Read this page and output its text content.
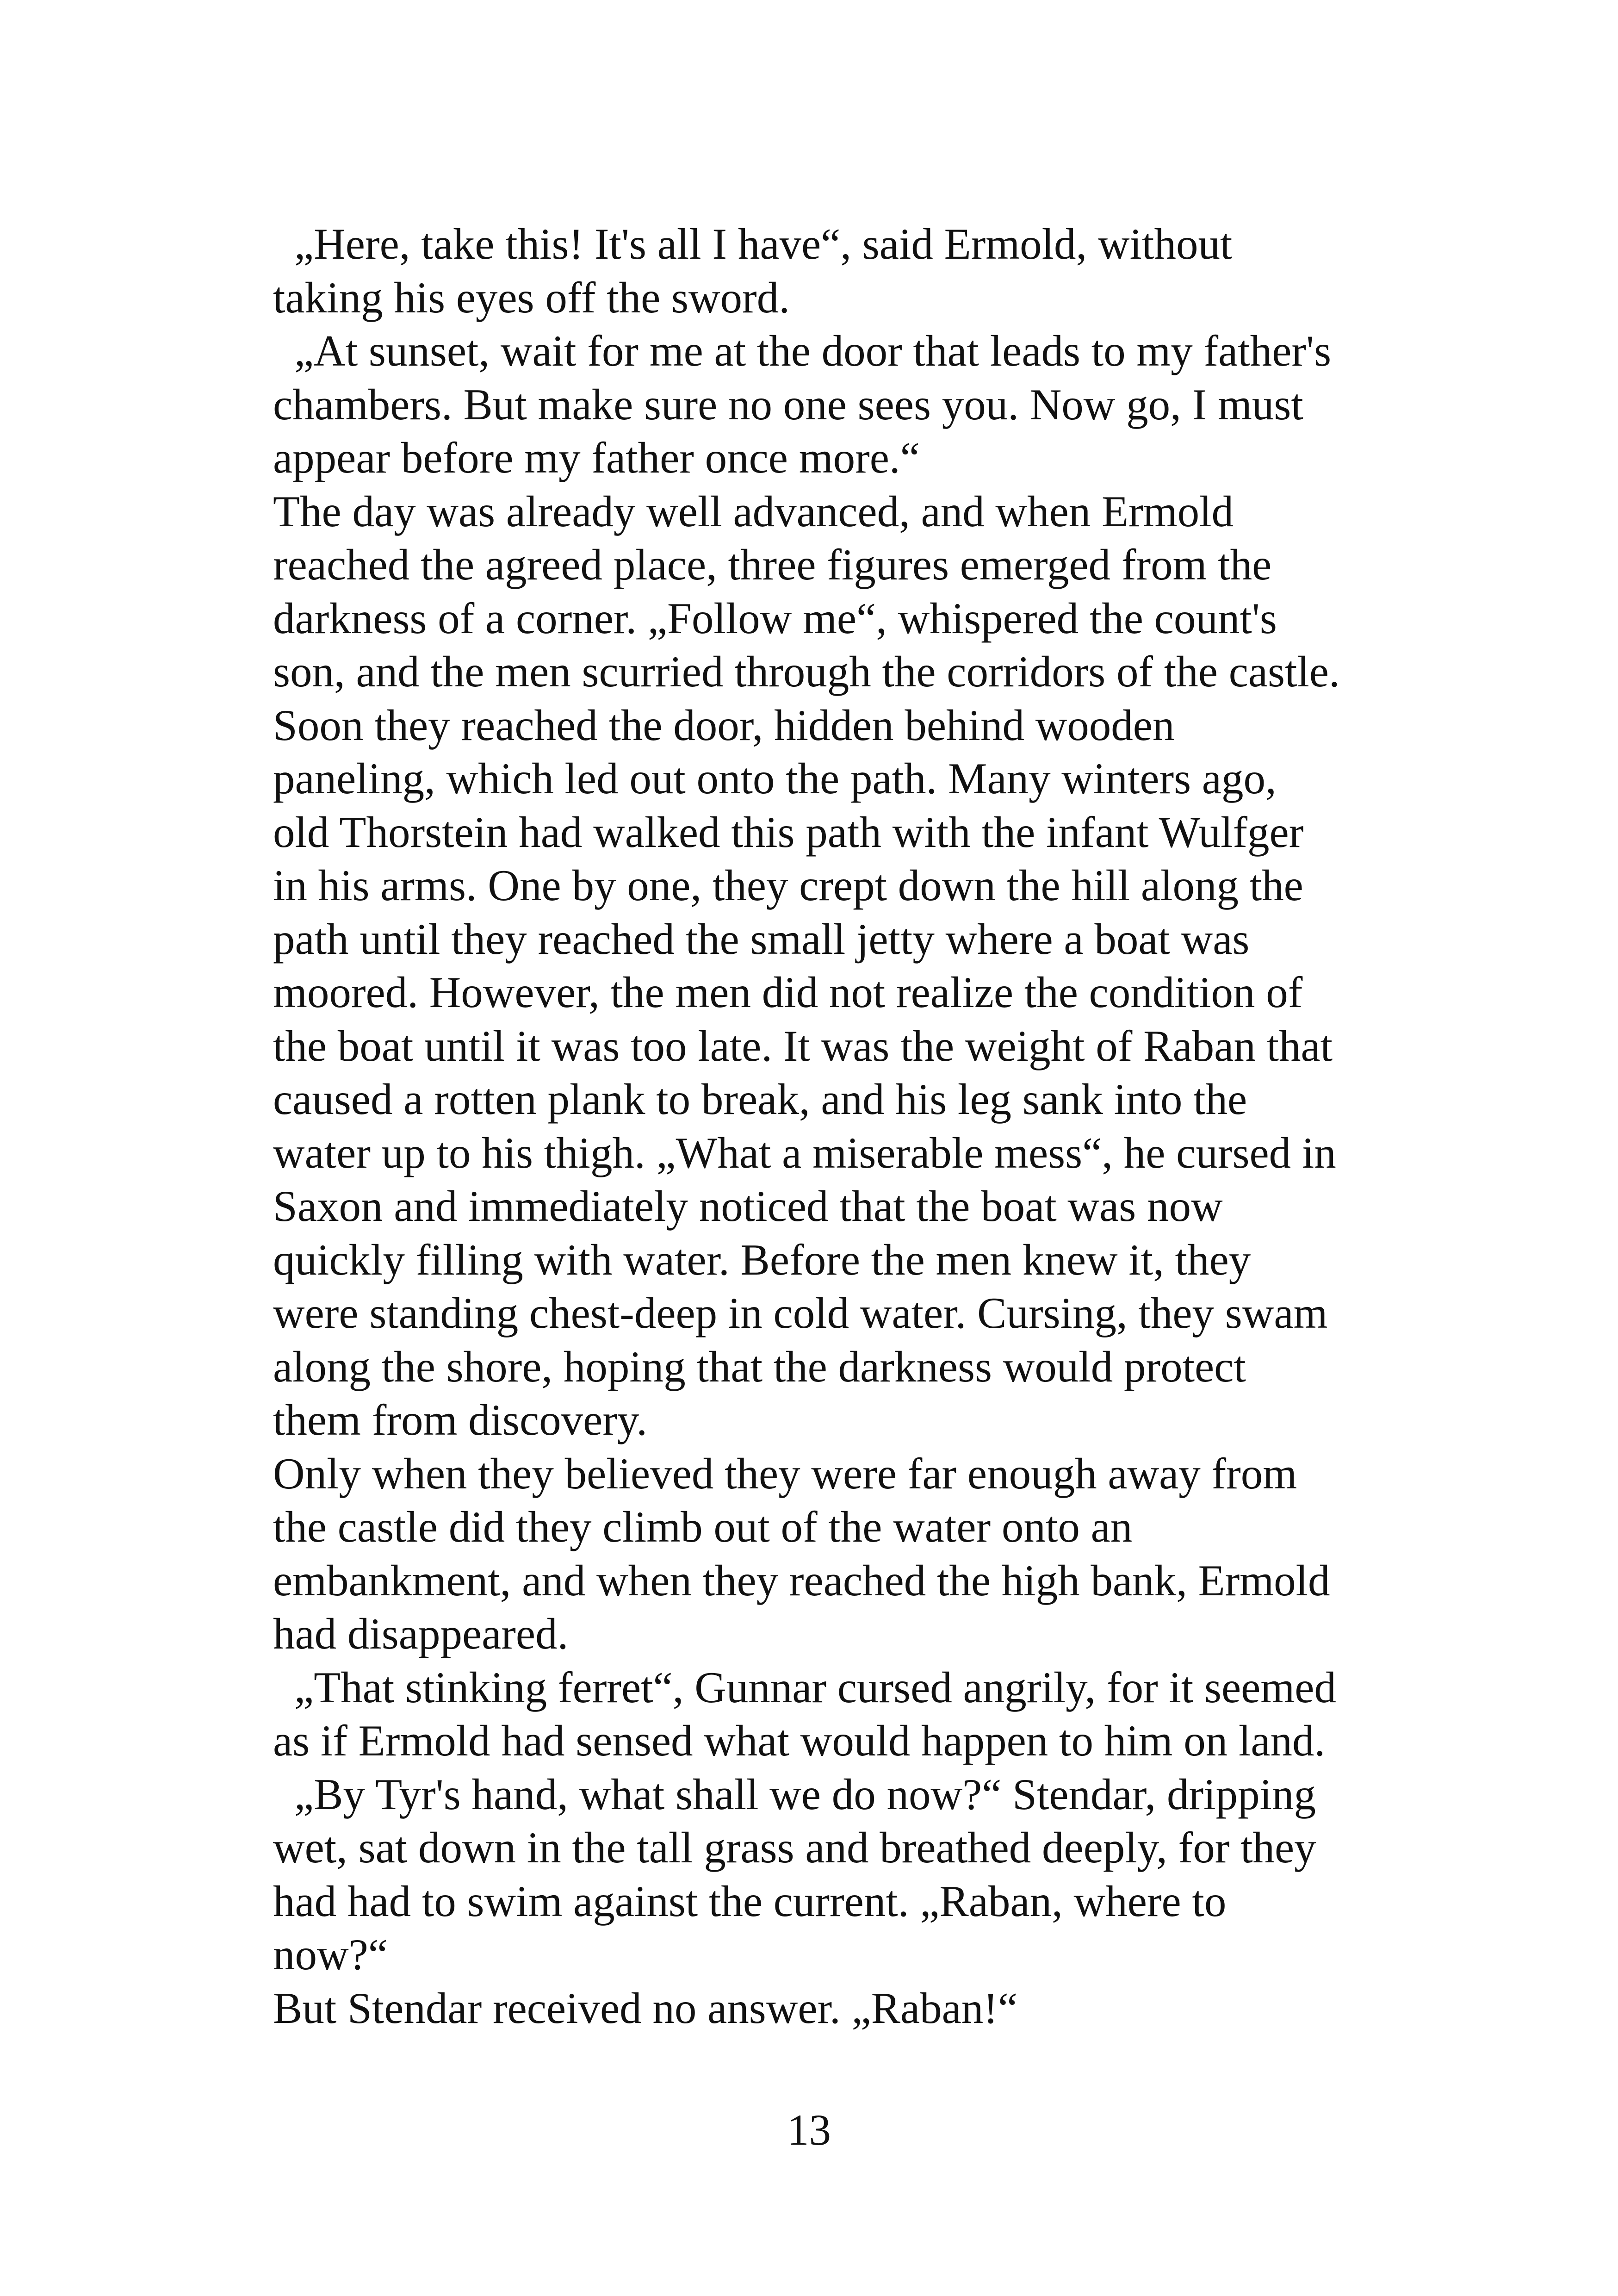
„Here, take this! It's all I have“, said Ermold, without
taking his eyes off the sword.
„At sunset, wait for me at the door that leads to my father's
chambers. But make sure no one sees you. Now go, I must
appear before my father once more.“
The day was already well advanced, and when Ermold
reached the agreed place, three figures emerged from the
darkness of a corner. „Follow me“, whispered the count's
son, and the men scurried through the corridors of the castle.
Soon they reached the door, hidden behind wooden
paneling, which led out onto the path. Many winters ago,
old Thorstein had walked this path with the infant Wulfger
in his arms. One by one, they crept down the hill along the
path until they reached the small jetty where a boat was
moored. However, the men did not realize the condition of
the boat until it was too late. It was the weight of Raban that
caused a rotten plank to break, and his leg sank into the
water up to his thigh. „What a miserable mess“, he cursed in
Saxon and immediately noticed that the boat was now
quickly filling with water. Before the men knew it, they
were standing chest-deep in cold water. Cursing, they swam
along the shore, hoping that the darkness would protect
them from discovery.
Only when they believed they were far enough away from
the castle did they climb out of the water onto an
embankment, and when they reached the high bank, Ermold
had disappeared.
„That stinking ferret“, Gunnar cursed angrily, for it seemed
as if Ermold had sensed what would happen to him on land.
„By Tyr's hand, what shall we do now?“ Stendar, dripping
wet, sat down in the tall grass and breathed deeply, for they
had had to swim against the current. „Raban, where to
now?“
But Stendar received no answer. „Raban!“
13
